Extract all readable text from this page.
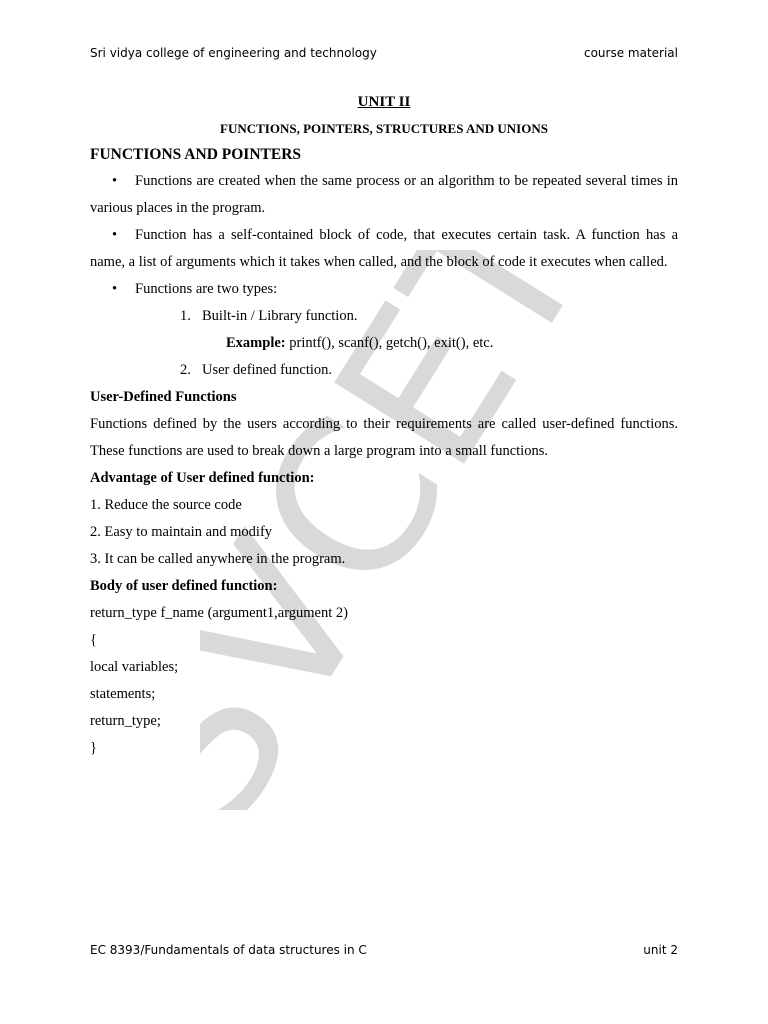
SVCET
Sri vidya college of engineering and technology	course material
UNIT II
FUNCTIONS, POINTERS, STRUCTURES AND UNIONS
FUNCTIONS AND POINTERS

• Functions are created when the same process or an algorithm to be repeated several times in various places in the program.

• Function has a self-contained block of code, that executes certain task. A function has a name, a list of arguments which it takes when called, and the block of code it executes when called.

• Functions are two types:

1. Built-in / Library function.

Example: printf(), scanf(), getch(), exit(), etc.

2. User defined function.

User-Defined Functions

Functions defined by the users according to their requirements are called user-defined functions. These functions are used to break down a large program into a small functions.

Advantage of User defined function:

1. Reduce the source code

2. Easy to maintain and modify

3. It can be called anywhere in the program.

Body of user defined function:

return_type f_name (argument1,argument 2)

{

local variables;

statements;

return_type;

}

EC 8393/Fundamentals of data structures in C	unit 2
